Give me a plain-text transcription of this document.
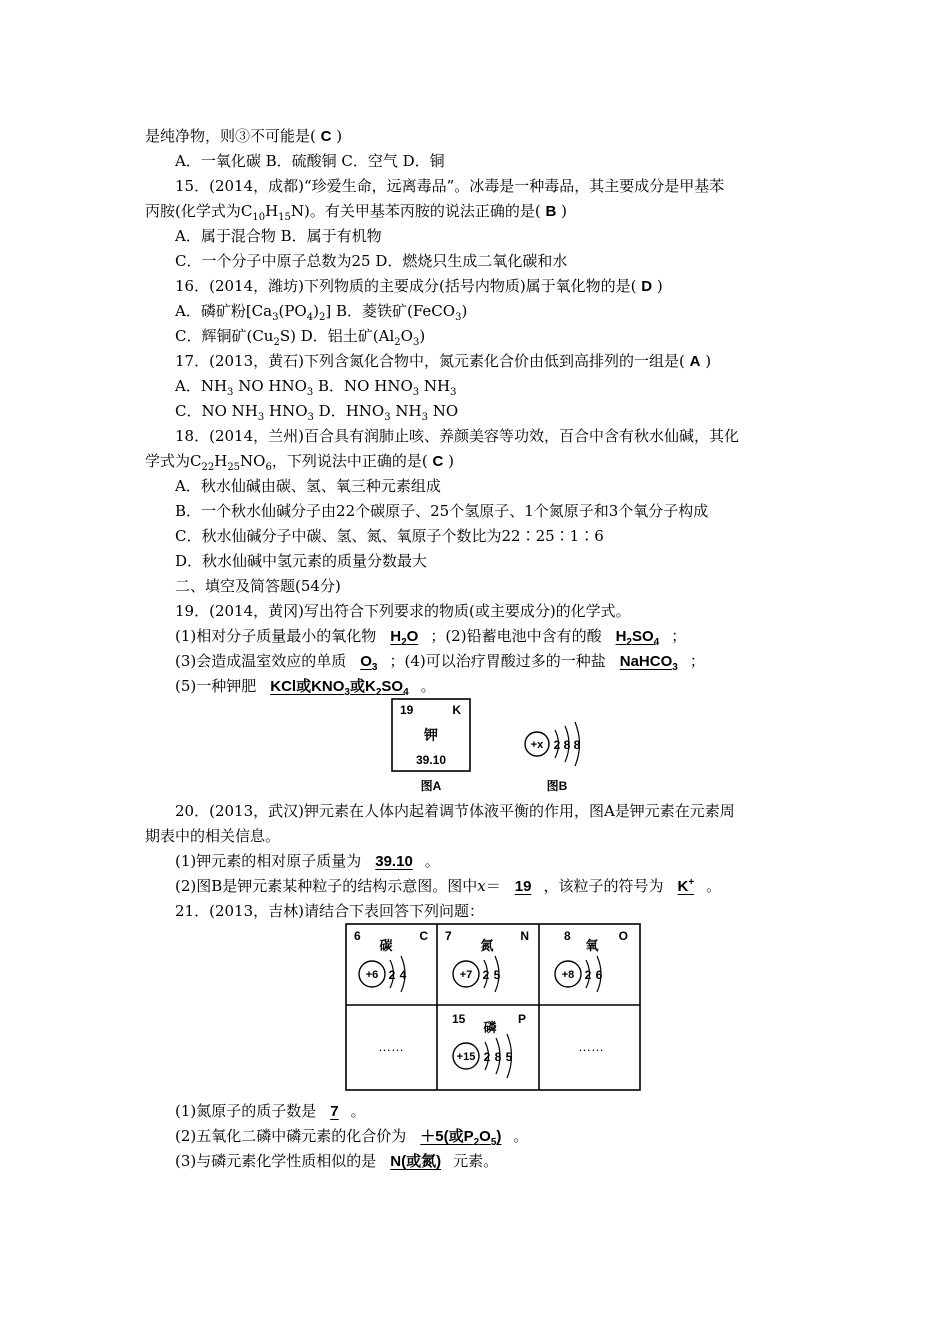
是纯净物，则③不可能是( C )
A．一氧化碳 B．硫酸铜 C．空气 D．铜
15．(2014，成都)“珍爱生命，远离毒品”。冰毒是一种毒品，其主要成分是甲基苯
丙胺(化学式为$C_{10}H_{15}N$)。有关甲基苯丙胺的说法正确的是( B )
A．属于混合物 B．属于有机物
C．一个分子中原子总数为25 D．燃烧只生成二氧化碳和水
16．(2014，潍坊)下列物质的主要成分(括号内物质)属于氧化物的是( D )
A．磷矿粉$[Ca_3(PO_4)_2]$ B．菱铁矿(FeCO$_3$)
C．辉铜矿$(Cu_2S)$ D．铝土矿$(Al_2O_3)$
17．(2013，黄石)下列含氮化合物中，氮元素化合价由低到高排列的一组是( A )
A．$NH_3$ NO $HNO_3$ B．NO $HNO_3$ $NH_3$
C．NO $NH_3$ $HNO_3$ D．$HNO_3$ $NH_3$ NO
18．(2014，兰州)百合具有润肺止咳、养颜美容等功效，百合中含有秋水仙碱，其化
学式为$C_{22}H_{25}NO_6$，下列说法中正确的是( C )
A．秋水仙碱由碳、氢、氧三种元素组成
B．一个秋水仙碱分子由22个碳原子、25个氢原子、1个氮原子和3个氧分子构成
C．秋水仙碱分子中碳、氢、氮、氧原子个数比为22∶25∶1∶6
D．秋水仙碱中氢元素的质量分数最大
二、填空及简答题(54分)
19．(2014，黄冈)写出符合下列要求的物质(或主要成分)的化学式。
(1)相对分子质量最小的氧化物 $H_2O$ ；(2)铅蓄电池中含有的酸 $H_2SO_4$ ；
(3)会造成温室效应的单质 $O_3$ ；(4)可以治疗胃酸过多的一种盐 NaHCO$_3$ ；
(5)一种钾肥 KCl或$KNO_3$或$K_2SO_4$ 。
19	K
钾
39.10
图A
+x 2 8 8
图B
20．(2013，武汉)钾元素在人体内起着调节体液平衡的作用，图A是钾元素在元素周
期表中的相关信息。
(1)钾元素的相对原子质量为 39.10 。
(2)图B是钾元素某种粒子的结构示意图。图中x＝ 19 ，该粒子的符号为 K+ 。
21．(2013，吉林)请结合下表回答下列问题：
6
碳
C
+6 2 4
7
氮
N
+7 2 5
8
氧
O
+8 2 6
15
磷
P
+15 2 8 5
……	……
(1)氮原子的质子数是 7 。
(2)五氧化二磷中磷元素的化合价为 ＋5(或$P_2O_5$) 。
(3)与磷元素化学性质相似的是 N(或氮) 元素。
